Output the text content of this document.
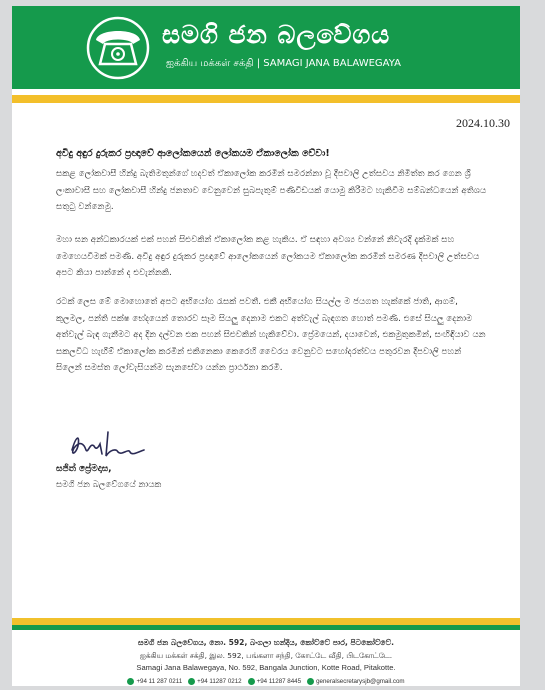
සමගි ජන බලවේගය
ஐக்கிய மக்கள் சக்தி | SAMAGI JANA BALAWEGAYA
2024.10.30
අවිදු අඳුර දුරුකර ප්‍රඥාවේ ආලෝකයෙන් ලෝකයම ඒකාලෝක වේවා!
සකළ ලෝකවාසී හින්දු බැතිමතුන්ගේ හදවත් ඒකාලෝක කරමින් සමරන්නා වූ දීපවාලි උත්සවය නිමිත්ත කර ගෙන ශ්‍රී ලංකාවාසී සහ ලෝකවාසී හින්දු ජනතාව වෙනුවෙන් සුබපැතුම් පණිවිඩයක් යොමු කිරීමට හැකිවීම සම්බන්ධයෙන් අතිශය සතුටු වන්නෙමු.
මහා ඝන අන්ධකාරයක් එක් පහන් සිළුවකින් ඒකාලෝක කළ හැකිය. ඒ සඳහා අවශ්‍ය වන්නේ නිවැරදි දැක්මක් සහ මෙහෙයවීමක් පමණි. අවිදු අඳුර දුරුකර ප්‍රඥාවේ ආලෝකයෙන් ලෝකයම ඒකාලෝක කරමින් සමරණ දීපවාලි උත්සවය අපට කියා පාන්නේ ද එවැන්නකි.
රටක් ලෙස මේ මොහොතේ අපට අභියෝග රැසක් පවතී. එකී අභියෝග සියල්ල ම ජයගත හැක්කේ ජාති, ආගම්, කුලමල, පන්ති පක්ෂ භේදයෙන් තොරව සෑම සියලු දෙනාම එකට අත්වැල් බැඳගත හොත් පමණි. එසේ සියලු දෙනාම අත්වැල් බැඳ ගැනීමට අද දින දල්වන එක පහන් සිළුවකින් හැකිවේවා. ප්‍රේමයෙන්, දයාවෙන්, එකමුතුකමින්, සංහිඳියාව යන සකලවිධ හැඟීම් ඒකාලෝක කරමින් එකිනෙකා කෙරෙහි වෛරය වෙනුවට සහෝදරත්වය පතුරවන දීපවාලි පහන් සිලෙන් සමස්ත ලෝවැසියන්ම සැනසේවා යන්න ප්‍රාර්ථනා කරමි.
සජිත් ප්‍රේමදාස,
සමගි ජන බලවේගයේ නායක
සමගි ජන බලවේගය, නො. 592, බංගලා හන්දිය, කෝට්ටේ පාර, පිටකෝට්ටේ.
ஐக்கிய மக்கள் சக்தி, இல. 592, பங்களா சந்தி, கோட்டே வீதி, பிடகோட்டே.
Samagi Jana Balawegaya, No. 592, Bangala Junction, Kotte Road, Pitakotte.
+94 11 287 0211 +94 11287 0212 +94 11287 8445 generalsecretarysjb@gmail.com
